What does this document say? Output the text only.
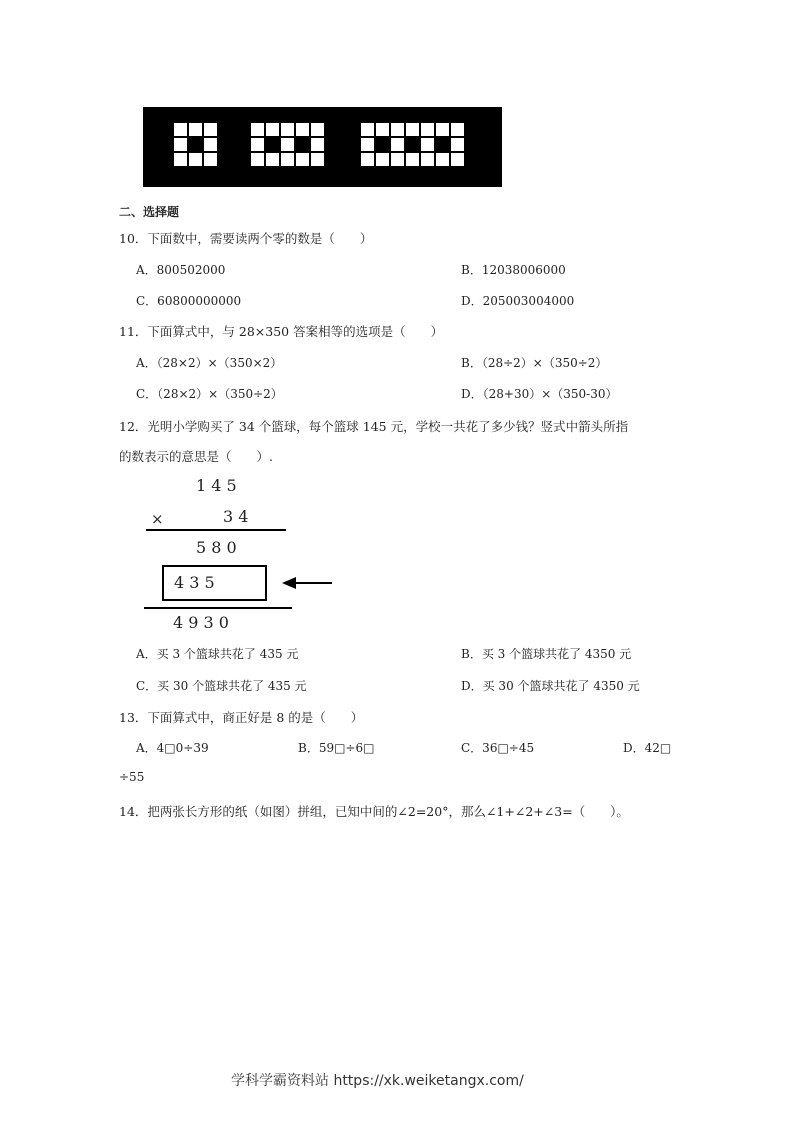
二、选择题
10．下面数中，需要读两个零的数是（　　）
A．800502000	B．12038006000
C．60800000000	D．205003004000
11．下面算式中，与 28×350 答案相等的选项是（　　）
A．（28×2）×（350×2）	B．（28÷2）×（350÷2）
C．（28×2）×（350÷2）	D．（28+30）×（350-30）
12．光明小学购买了 34 个篮球，每个篮球 145 元，学校一共花了多少钱？竖式中箭头所指
的数表示的意思是（　　）.
1 4 5
×	3 4
5 8 0
4 3 5
4 9 3 0
A．买 3 个篮球共花了 435 元	B．买 3 个篮球共花了 4350 元
C．买 30 个篮球共花了 435 元	D．买 30 个篮球共花了 4350 元
13．下面算式中，商正好是 8 的是（　　）
A．4□0÷39	B．59□÷6□	C．36□÷45	D．42□
÷55
14．把两张长方形的纸（如图）拼组，已知中间的∠2=20°，那么∠1+∠2+∠3=（　　）。
学科学霸资料站 https://xk.weiketangx.com/
